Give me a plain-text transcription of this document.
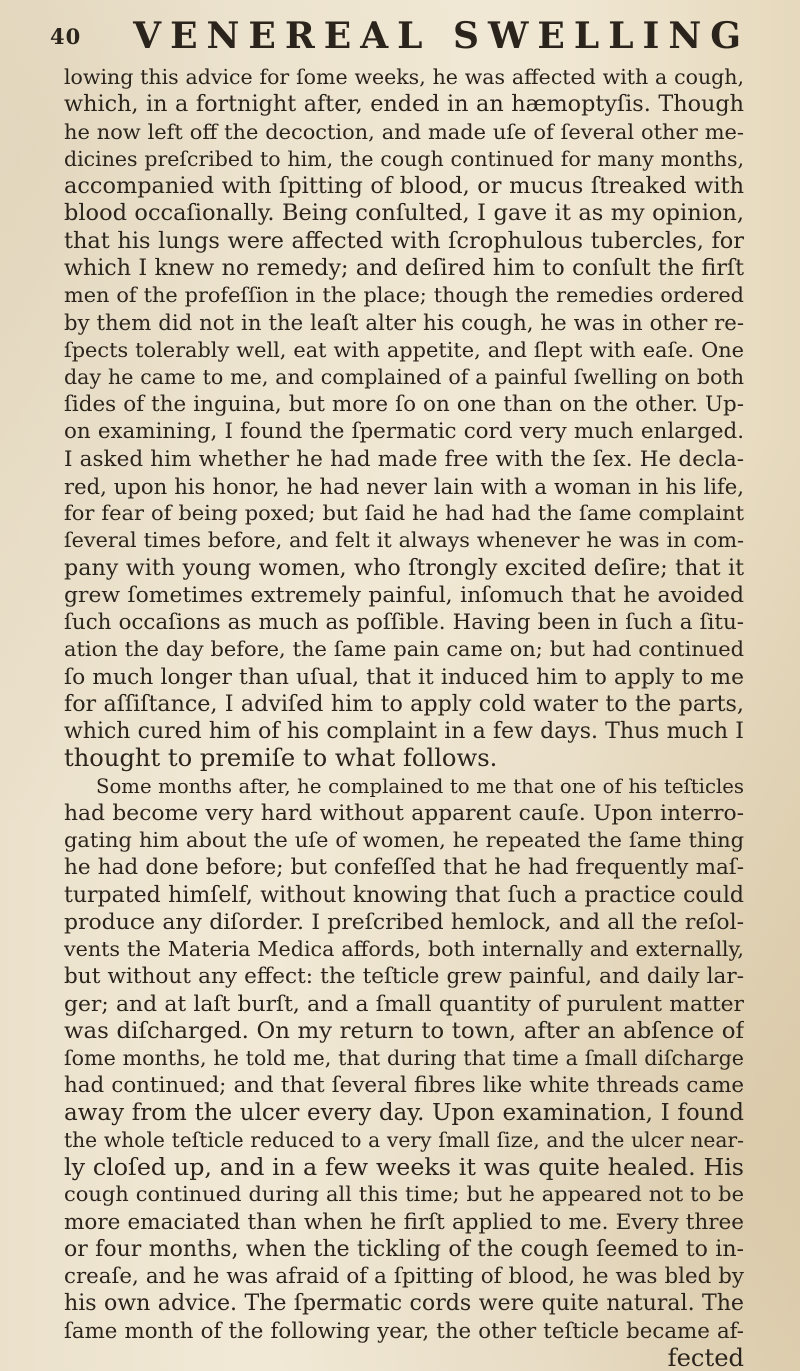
40	VENEREAL SWELLING

lowing this advice for ſome weeks, he was affected with a cough,
which, in a fortnight after, ended in an hæmoptyſis. Though
he now left off the decoction, and made uſe of ſeveral other me-
dicines preſcribed to him, the cough continued for many months,
accompanied with ſpitting of blood, or mucus ſtreaked with
blood occaſionally. Being conſulted, I gave it as my opinion,
that his lungs were affected with ſcrophulous tubercles, for
which I knew no remedy; and deſired him to conſult the firſt
men of the profeſſion in the place; though the remedies ordered
by them did not in the leaſt alter his cough, he was in other re-
ſpects tolerably well, eat with appetite, and ſlept with eaſe. One
day he came to me, and complained of a painful ſwelling on both
ſides of the inguina, but more ſo on one than on the other. Up-
on examining, I found the ſpermatic cord very much enlarged.
I asked him whether he had made free with the ſex. He decla-
red, upon his honor, he had never lain with a woman in his life,
for fear of being poxed; but ſaid he had had the ſame complaint
ſeveral times before, and felt it always whenever he was in com-
pany with young women, who ſtrongly excited deſire; that it
grew ſometimes extremely painful, inſomuch that he avoided
ſuch occaſions as much as poſſible. Having been in ſuch a ſitu-
ation the day before, the ſame pain came on; but had continued
ſo much longer than uſual, that it induced him to apply to me
for aſſiſtance, I adviſed him to apply cold water to the parts,
which cured him of his complaint in a few days. Thus much I
thought to premiſe to what follows.

Some months after, he complained to me that one of his teſticles
had become very hard without apparent cauſe. Upon interro-
gating him about the uſe of women, he repeated the ſame thing
he had done before; but confeſſed that he had frequently maſ-
turpated himſelf, without knowing that ſuch a practice could
produce any diſorder. I preſcribed hemlock, and all the reſol-
vents the Materia Medica affords, both internally and externally,
but without any effect: the teſticle grew painful, and daily lar-
ger; and at laſt burſt, and a ſmall quantity of purulent matter
was diſcharged. On my return to town, after an abſence of
ſome months, he told me, that during that time a ſmall diſcharge
had continued; and that ſeveral fibres like white threads came
away from the ulcer every day. Upon examination, I found
the whole teſticle reduced to a very ſmall ſize, and the ulcer near-
ly cloſed up, and in a few weeks it was quite healed. His
cough continued during all this time; but he appeared not to be
more emaciated than when he firſt applied to me. Every three
or four months, when the tickling of the cough ſeemed to in-
creaſe, and he was afraid of a ſpitting of blood, he was bled by
his own advice. The ſpermatic cords were quite natural. The
ſame month of the following year, the other teſticle became af-

fected
